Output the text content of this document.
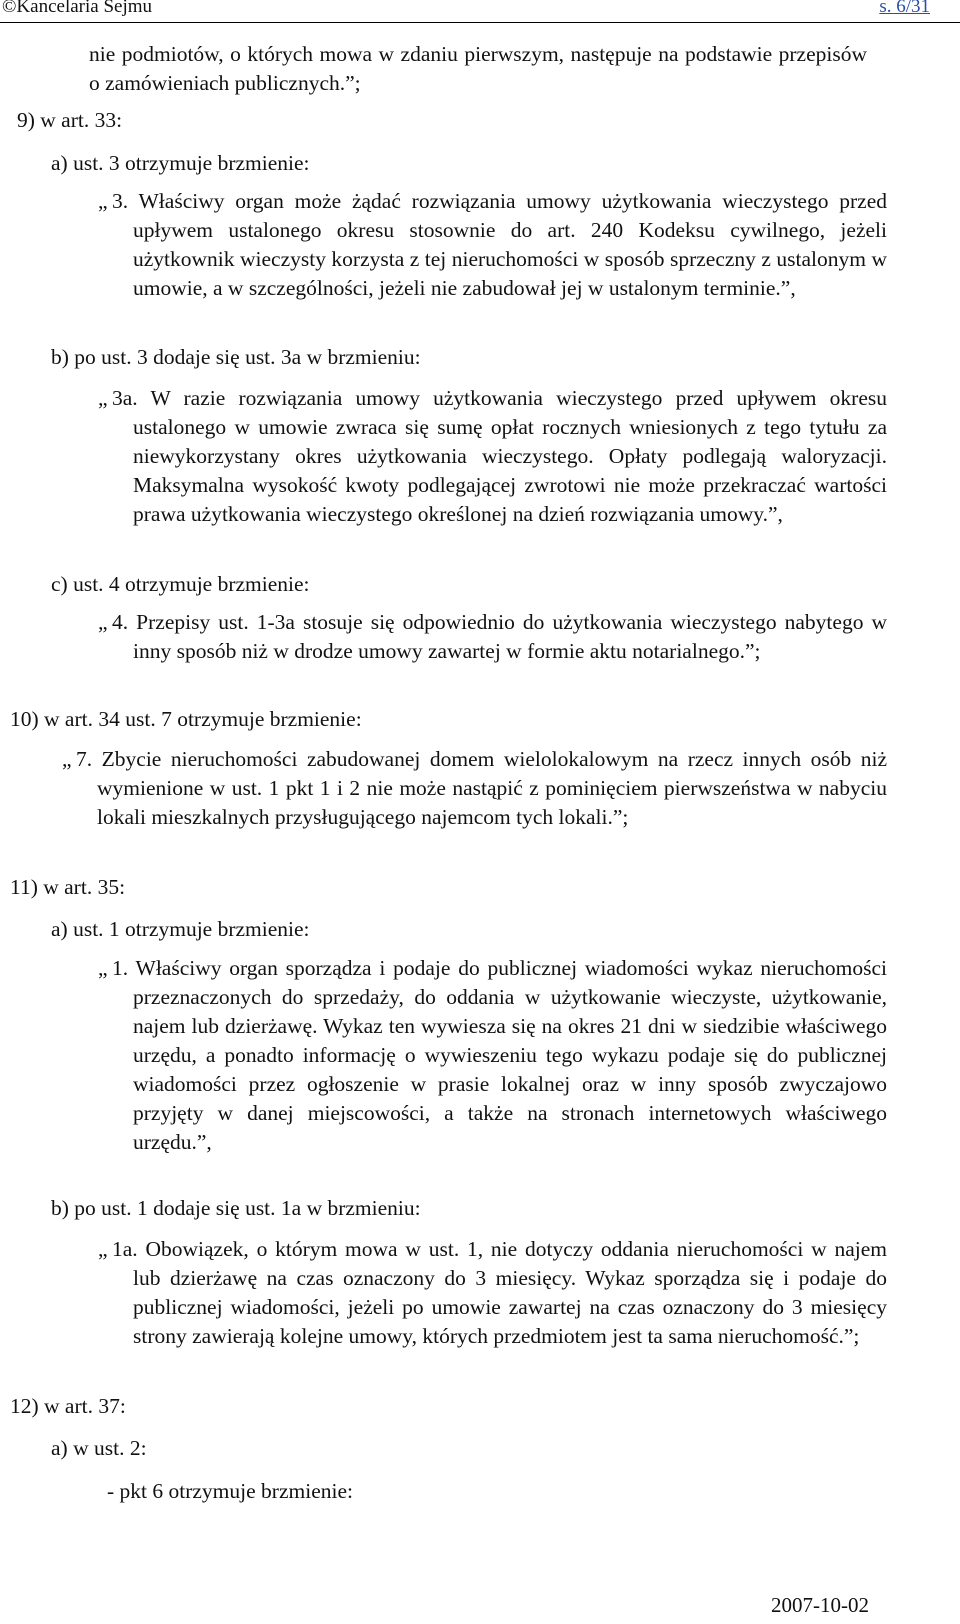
©Kancelaria Sejmu	s. 6/31
nie podmiotów, o których mowa w zdaniu pierwszym, następuje na podstawie przepisów o zamówieniach publicznych.”;
9) w art. 33:
a) ust. 3 otrzymuje brzmienie:
„ 3. Właściwy organ może żądać rozwiązania umowy użytkowania wieczystego przed upływem ustalonego okresu stosownie do art. 240 Kodeksu cywilnego, jeżeli użytkownik wieczysty korzysta z tej nieruchomości w sposób sprzeczny z ustalonym w umowie, a w szczególności, jeżeli nie zabudował jej w ustalonym terminie.”,
b) po ust. 3 dodaje się ust. 3a w brzmieniu:
„ 3a. W razie rozwiązania umowy użytkowania wieczystego przed upływem okresu ustalonego w umowie zwraca się sumę opłat rocznych wniesionych z tego tytułu za niewykorzystany okres użytkowania wieczystego. Opłaty podlegają waloryzacji. Maksymalna wysokość kwoty podlegającej zwrotowi nie może przekraczać wartości prawa użytkowania wieczystego określonej na dzień rozwiązania umowy.”,
c) ust. 4 otrzymuje brzmienie:
„ 4. Przepisy ust. 1-3a stosuje się odpowiednio do użytkowania wieczystego nabytego w inny sposób niż w drodze umowy zawartej w formie aktu notarialnego.”;
10) w art. 34 ust. 7 otrzymuje brzmienie:
„ 7. Zbycie nieruchomości zabudowanej domem wielolokalowym na rzecz innych osób niż wymienione w ust. 1 pkt 1 i 2 nie może nastąpić z pominięciem pierwszeństwa w nabyciu lokali mieszkalnych przysługującego najemcom tych lokali.”;
11) w art. 35:
a) ust. 1 otrzymuje brzmienie:
„ 1. Właściwy organ sporządza i podaje do publicznej wiadomości wykaz nieruchomości przeznaczonych do sprzedaży, do oddania w użytkowanie wieczyste, użytkowanie, najem lub dzierżawę. Wykaz ten wywiesza się na okres 21 dni w siedzibie właściwego urzędu, a ponadto informację o wywieszeniu tego wykazu podaje się do publicznej wiadomości przez ogłoszenie w prasie lokalnej oraz w inny sposób zwyczajowo przyjęty w danej miejscowości, a także na stronach internetowych właściwego urzędu.”,
b) po ust. 1 dodaje się ust. 1a w brzmieniu:
„ 1a. Obowiązek, o którym mowa w ust. 1, nie dotyczy oddania nieruchomości w najem lub dzierżawę na czas oznaczony do 3 miesięcy. Wykaz sporządza się i podaje do publicznej wiadomości, jeżeli po umowie zawartej na czas oznaczony do 3 miesięcy strony zawierają kolejne umowy, których przedmiotem jest ta sama nieruchomość.”;
12) w art. 37:
a) w ust. 2:
- pkt 6 otrzymuje brzmienie:
2007-10-02
